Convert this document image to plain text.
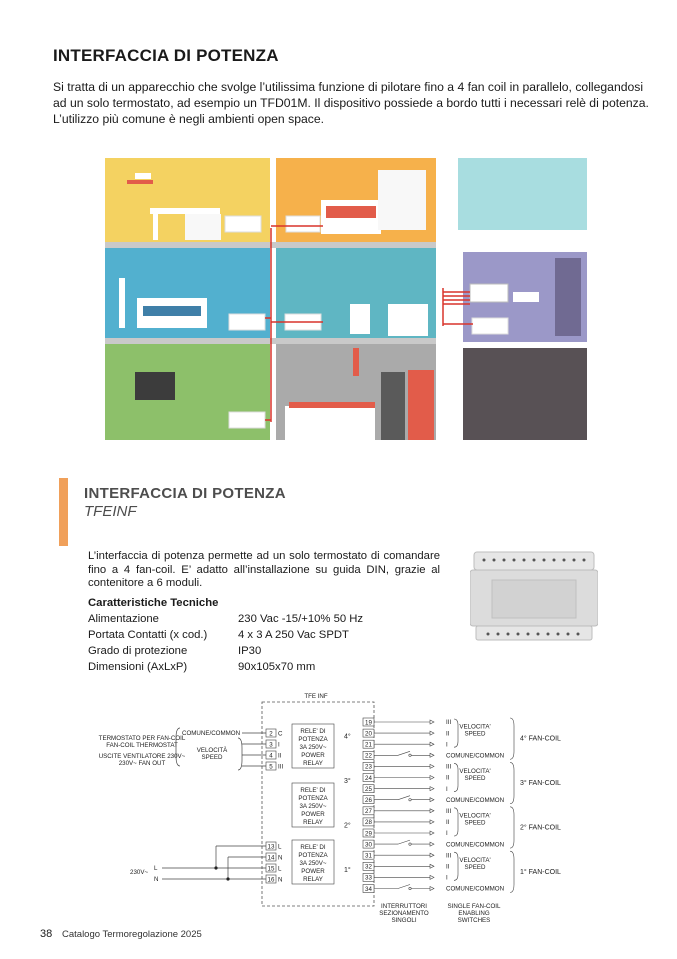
INTERFACCIA DI POTENZA
Si tratta di un apparecchio che svolge l’utilissima funzione di pilotare fino a 4 fan coil in parallelo, collegandosi ad un solo termostato, ad esempio un TFD01M. Il dispositivo possiede a bordo tutti i necessari relè di potenza. L’utilizzo più comune è negli ambienti open space.
INTERFACCIA DI POTENZA
TFEINF
L’interfaccia di potenza permette ad un solo termostato di comandare fino a 4 fan-coil. E’ adatto all’installazione su guida DIN, grazie al contenitore a 6 moduli.
Caratteristiche Tecniche
Alimentazione	230 Vac -15/+10% 50 Hz
Portata Contatti (x cod.)	4 x 3 A 250 Vac SPDT
Grado di protezione	IP30
Dimensioni (AxLxP)	90x105x70 mm
TFE INF
TERMOSTATO PER FAN-COIL
FAN-COIL THERMOSTAT
USCITE VENTILATORE 230V~
230V~ FAN OUT
COMUNE/COMMON
VELOCITÀ
SPEED
2
3
4
5
C
I
II
III
230V~
L
N
13
14
15
16
L
N
L
N
RELE' DI
POTENZA
3A 250V~
POWER
RELAY
RELE' DI
POTENZA
3A 250V~
POWER
RELAY
RELE' DI
POTENZA
3A 250V~
POWER
RELAY
19	III
20	II
21	I
22	COMUNE/COMMON
VELOCITA'
SPEED
4° FAN-COIL
4°
23	III
24	II
25	I
26	COMUNE/COMMON
VELOCITA'
SPEED
3° FAN-COIL
3°
27	III
28	II
29	I
30	COMUNE/COMMON
VELOCITA'
SPEED
2° FAN-COIL
2°
31	III
32	II
33	I
34	COMUNE/COMMON
VELOCITA'
SPEED
1° FAN-COIL
1°
INTERRUTTORI
SEZIONAMENTO
SINGOLI
SINGLE FAN-COIL
ENABLING
SWITCHES
38 Catalogo Termoregolazione 2025
